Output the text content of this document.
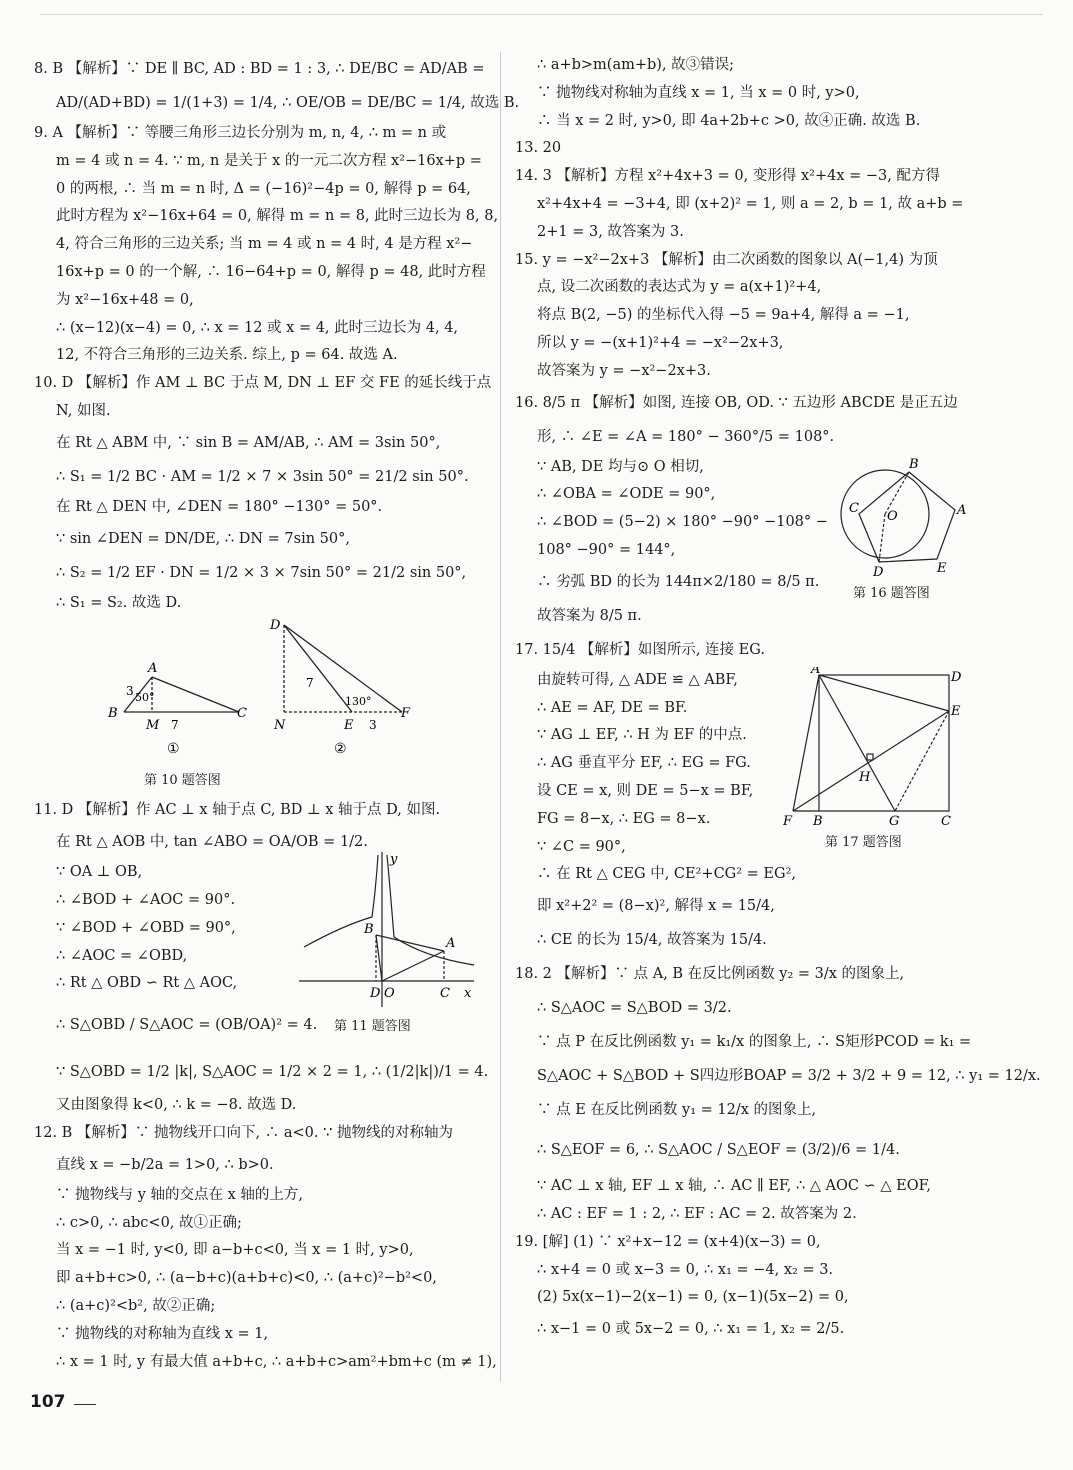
8. B 【解析】∵ DE ∥ BC, AD : BD = 1 : 3, ∴ DE/BC = AD/AB =
AD/(AD+BD) = 1/(1+3) = 1/4, ∴ OE/OB = DE/BC = 1/4, 故选 B.
9. A 【解析】∵ 等腰三角形三边长分别为 m, n, 4, ∴ m = n 或
m = 4 或 n = 4. ∵ m, n 是关于 x 的一元二次方程 x²−16x+p =
0 的两根, ∴ 当 m = n 时, Δ = (−16)²−4p = 0, 解得 p = 64,
此时方程为 x²−16x+64 = 0, 解得 m = n = 8, 此时三边长为 8, 8,
4, 符合三角形的三边关系; 当 m = 4 或 n = 4 时, 4 是方程 x²−
16x+p = 0 的一个解, ∴ 16−64+p = 0, 解得 p = 48, 此时方程
为 x²−16x+48 = 0,
∴ (x−12)(x−4) = 0, ∴ x = 12 或 x = 4, 此时三边长为 4, 4,
12, 不符合三角形的三边关系. 综上, p = 64. 故选 A.
10. D 【解析】作 AM ⊥ BC 于点 M, DN ⊥ EF 交 FE 的延长线于点
N, 如图.
在 Rt △ ABM 中, ∵ sin B = AM/AB, ∴ AM = 3sin 50°,
∴ S₁ = 1/2 BC · AM = 1/2 × 7 × 3sin 50° = 21/2 sin 50°.
在 Rt △ DEN 中, ∠DEN = 180° −130° = 50°.
∵ sin ∠DEN = DN/DE, ∴ DN = 7sin 50°,
∴ S₂ = 1/2 EF · DN = 1/2 × 3 × 7sin 50° = 21/2 sin 50°,
∴ S₁ = S₂. 故选 D.
A
B
M
C
3 50°
7
D
N	E
F
7
130°
3
①	②
第 10 题答图
11. D 【解析】作 AC ⊥ x 轴于点 C, BD ⊥ x 轴于点 D, 如图.
在 Rt △ AOB 中, tan ∠ABO = OA/OB = 1/2.
∵ OA ⊥ OB,
∴ ∠BOD + ∠AOC = 90°.
∵ ∠BOD + ∠OBD = 90°,
∴ ∠AOC = ∠OBD,
∴ Rt △ OBD ∽ Rt △ AOC,
∴ S△OBD / S△AOC = (OB/OA)² = 4.
y
x
B
A
D O	C
第 11 题答图
∵ S△OBD = 1/2 |k|, S△AOC = 1/2 × 2 = 1, ∴ (1/2|k|)/1 = 4.
又由图象得 k<0, ∴ k = −8. 故选 D.
12. B 【解析】∵ 抛物线开口向下, ∴ a<0. ∵ 抛物线的对称轴为
直线 x = −b/2a = 1>0, ∴ b>0.
∵ 抛物线与 y 轴的交点在 x 轴的上方,
∴ c>0, ∴ abc<0, 故①正确;
当 x = −1 时, y<0, 即 a−b+c<0, 当 x = 1 时, y>0,
即 a+b+c>0, ∴ (a−b+c)(a+b+c)<0, ∴ (a+c)²−b²<0,
∴ (a+c)²<b², 故②正确;
∵ 抛物线的对称轴为直线 x = 1,
∴ x = 1 时, y 有最大值 a+b+c, ∴ a+b+c>am²+bm+c (m ≠ 1),
∴ a+b>m(am+b), 故③错误;
∵ 抛物线对称轴为直线 x = 1, 当 x = 0 时, y>0,
∴ 当 x = 2 时, y>0, 即 4a+2b+c >0, 故④正确. 故选 B.
13. 20
14. 3 【解析】方程 x²+4x+3 = 0, 变形得 x²+4x = −3, 配方得
x²+4x+4 = −3+4, 即 (x+2)² = 1, 则 a = 2, b = 1, 故 a+b =
2+1 = 3, 故答案为 3.
15. y = −x²−2x+3 【解析】由二次函数的图象以 A(−1,4) 为顶
点, 设二次函数的表达式为 y = a(x+1)²+4,
将点 B(2, −5) 的坐标代入得 −5 = 9a+4, 解得 a = −1,
所以 y = −(x+1)²+4 = −x²−2x+3,
故答案为 y = −x²−2x+3.
16. 8/5 π 【解析】如图, 连接 OB, OD. ∵ 五边形 ABCDE 是正五边
形, ∴ ∠E = ∠A = 180° − 360°/5 = 108°.
∵ AB, DE 均与⊙ O 相切,
∴ ∠OBA = ∠ODE = 90°,
∴ ∠BOD = (5−2) × 180° −90° −108° −
108° −90° = 144°,
∴ 劣弧 BD 的长为 144π×2/180 = 8/5 π.
故答案为 8/5 π.
B
A
C
O
D	E
第 16 题答图
17. 15/4 【解析】如图所示, 连接 EG.
由旋转可得, △ ADE ≌ △ ABF,
∴ AE = AF, DE = BF.
∵ AG ⊥ EF, ∴ H 为 EF 的中点.
∴ AG 垂直平分 EF, ∴ EG = FG.
设 CE = x, 则 DE = 5−x = BF,
FG = 8−x, ∴ EG = 8−x.
∵ ∠C = 90°,
∴ 在 Rt △ CEG 中, CE²+CG² = EG²,
即 x²+2² = (8−x)², 解得 x = 15/4,
∴ CE 的长为 15/4, 故答案为 15/4.
A
D
E
H
F B	G	C
第 17 题答图
18. 2 【解析】∵ 点 A, B 在反比例函数 y₂ = 3/x 的图象上,
∴ S△AOC = S△BOD = 3/2.
∵ 点 P 在反比例函数 y₁ = k₁/x 的图象上, ∴ S矩形PCOD = k₁ =
S△AOC + S△BOD + S四边形BOAP = 3/2 + 3/2 + 9 = 12, ∴ y₁ = 12/x.
∵ 点 E 在反比例函数 y₁ = 12/x 的图象上,
∴ S△EOF = 6, ∴ S△AOC / S△EOF = (3/2)/6 = 1/4.
∵ AC ⊥ x 轴, EF ⊥ x 轴, ∴ AC ∥ EF, ∴ △ AOC ∽ △ EOF,
∴ AC : EF = 1 : 2, ∴ EF : AC = 2. 故答案为 2.
19. [解] (1) ∵ x²+x−12 = (x+4)(x−3) = 0,
∴ x+4 = 0 或 x−3 = 0, ∴ x₁ = −4, x₂ = 3.
(2) 5x(x−1)−2(x−1) = 0, (x−1)(5x−2) = 0,
∴ x−1 = 0 或 5x−2 = 0, ∴ x₁ = 1, x₂ = 2/5.
107
